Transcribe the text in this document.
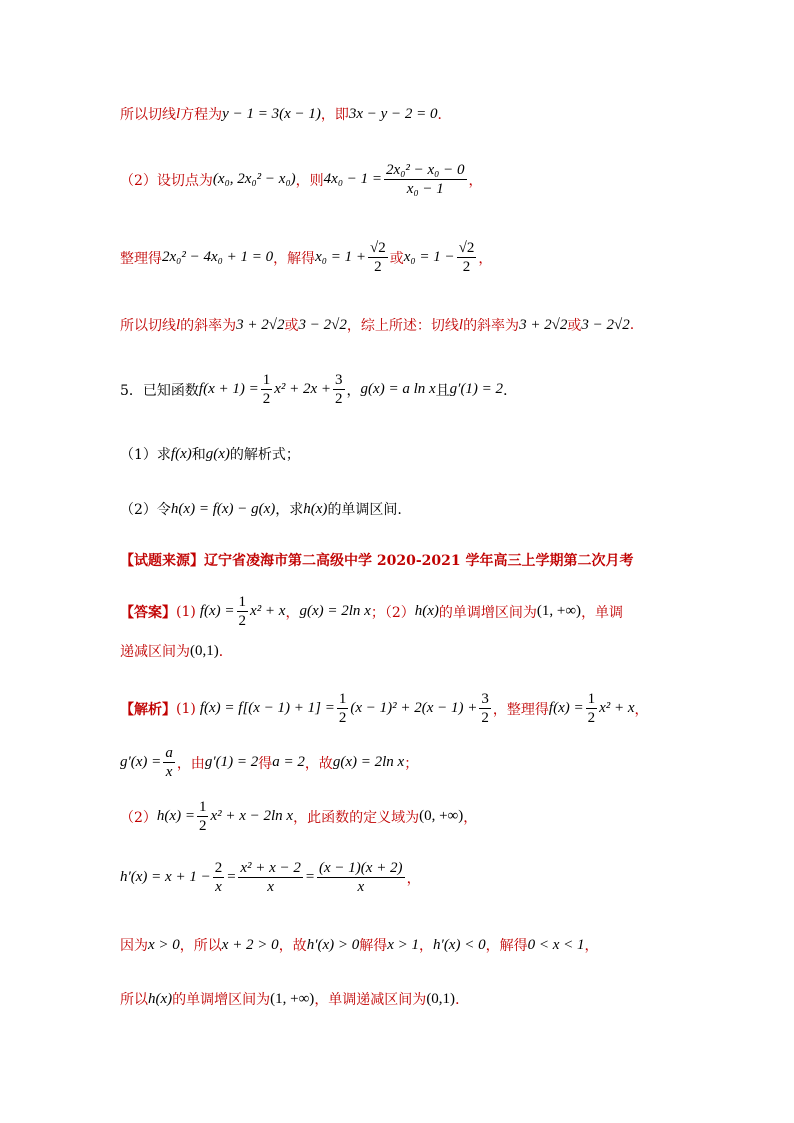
所以切线 l 方程为 y − 1 = 3(x − 1) ，即 3x − y − 2 = 0 ．
（2）设切点为 (x₀, 2x₀² − x₀) ，则 $4x_0 - 1 = \frac{\text{2x₀² − x₀ − 0}}{\text{x₀ − 1}}$ ，
整理得 2x₀² − 4x₀ + 1 = 0 ，解得 $x_0 = 1 + \frac{√2}{2}$ 或 $x_0 = 1 - \frac{√2}{2}$ ，
所以切线 l 的斜率为 3 + 2√2 或 3 − 2√2 ，综上所述：切线 l 的斜率为 3 + 2√2 或 3 − 2√2 .
5．已知函数 $f(x + 1) = \frac{1}{2} x^2 + 2x + \frac{3}{2}$ ， g(x) = a ln x 且 g′(1) = 2 ．
（1）求 f(x) 和 g(x) 的解析式；
（2）令 h(x) = f(x) − g(x) ，求 h(x) 的单调区间.
【试题来源】 辽宁省凌海市第二高级中学 2020-2021 学年高三上学期第二次月考
【答案】 (1) $f(x) = \frac{1}{2} x^2 + x$ ， g(x) = 2ln x ；（2） h(x) 的单调增区间为 (1, +∞) ，单调
递减区间为 (0,1) ．
【解析】 (1) $f(x) = f[(x - 1) + 1] = \frac{1}{2} (x - 1)^2 + 2(x - 1) + \frac{3}{2}$ ，整理得 $f(x) = \frac{1}{2} x^2 + x$ ，
$g'(x) = \frac{a}{x}$ ，由 g′(1) = 2 得 a = 2 ，故 g(x) = 2ln x ；
（2） $h(x) = \frac{1}{2} x^2 + x - 2\ln$ x ，此函数的定义域为 (0, +∞) ，
$h'(x) = x + 1 - \frac{2}{x} = \frac{\text{x² + x − 2}}{x} = \frac{(x - 1)(x + 2)}{x}$ ，
因为 x > 0 ，所以 x + 2 > 0 ，故 h′(x) > 0 解得 x > 1 ， h′(x) < 0 ，解得 0 < x < 1 ，
所以 h(x) 的单调增区间为 (1, +∞) ，单调递减区间为 (0,1) ．
